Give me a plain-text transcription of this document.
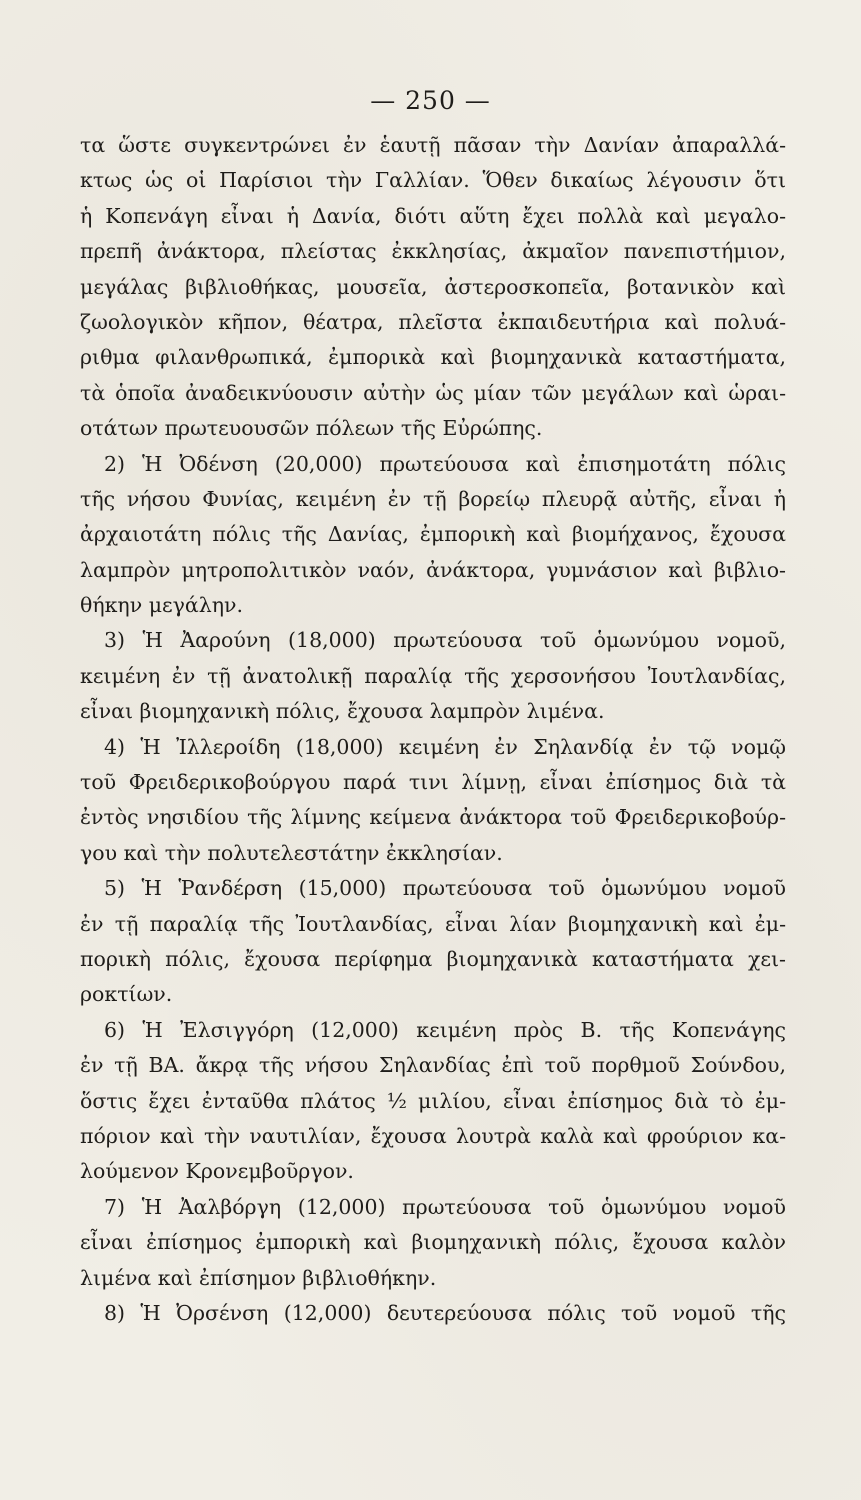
— 250 —
τα ὥστε συγκεντρώνει ἐν ἑαυτῇ πᾶσαν τὴν Δανίαν ἀπαραλλά-
κτως ὡς οἱ Παρίσιοι τὴν Γαλλίαν. Ὅθεν δικαίως λέγουσιν ὅτι
ἡ Κοπενάγη εἶναι ἡ Δανία, διότι αὕτη ἔχει πολλὰ καὶ μεγαλο-
πρεπῆ ἀνάκτορα, πλείστας ἐκκλησίας, ἀκμαῖον πανεπιστήμιον,
μεγάλας βιβλιοθήκας, μουσεῖα, ἀστεροσκοπεῖα, βοτανικὸν καὶ
ζωολογικὸν κῆπον, θέατρα, πλεῖστα ἐκπαιδευτήρια καὶ πολυά-
ριθμα φιλανθρωπικά, ἐμπορικὰ καὶ βιομηχανικὰ καταστήματα,
τὰ ὁποῖα ἀναδεικνύουσιν αὐτὴν ὡς μίαν τῶν μεγάλων καὶ ὡραι-
οτάτων πρωτευουσῶν πόλεων τῆς Εὐρώπης.
2) Ἡ Ὀδένση (20,000) πρωτεύουσα καὶ ἐπισημοτάτη πόλις
τῆς νήσου Φυνίας, κειμένη ἐν τῇ βορείῳ πλευρᾷ αὐτῆς, εἶναι ἡ
ἀρχαιοτάτη πόλις τῆς Δανίας, ἐμπορικὴ καὶ βιομήχανος, ἔχουσα
λαμπρὸν μητροπολιτικὸν ναόν, ἀνάκτορα, γυμνάσιον καὶ βιβλιο-
θήκην μεγάλην.
3) Ἡ Ἀαρούνη (18,000) πρωτεύουσα τοῦ ὁμωνύμου νομοῦ,
κειμένη ἐν τῇ ἀνατολικῇ παραλίᾳ τῆς χερσονήσου Ἰουτλανδίας,
εἶναι βιομηχανικὴ πόλις, ἔχουσα λαμπρὸν λιμένα.
4) Ἡ Ἰλλεροίδη (18,000) κειμένη ἐν Σηλανδίᾳ ἐν τῷ νομῷ
τοῦ Φρειδερικοβούργου παρά τινι λίμνῃ, εἶναι ἐπίσημος διὰ τὰ
ἐντὸς νησιδίου τῆς λίμνης κείμενα ἀνάκτορα τοῦ Φρειδερικοβούρ-
γου καὶ τὴν πολυτελεστάτην ἐκκλησίαν.
5) Ἡ Ῥανδέρση (15,000) πρωτεύουσα τοῦ ὁμωνύμου νομοῦ
ἐν τῇ παραλίᾳ τῆς Ἰουτλανδίας, εἶναι λίαν βιομηχανικὴ καὶ ἐμ-
πορικὴ πόλις, ἔχουσα περίφημα βιομηχανικὰ καταστήματα χει-
ροκτίων.
6) Ἡ Ἐλσιγγόρη (12,000) κειμένη πρὸς Β. τῆς Κοπενάγης
ἐν τῇ ΒΑ. ἄκρᾳ τῆς νήσου Σηλανδίας ἐπὶ τοῦ πορθμοῦ Σούνδου,
ὅστις ἔχει ἐνταῦθα πλάτος ½ μιλίου, εἶναι ἐπίσημος διὰ τὸ ἐμ-
πόριον καὶ τὴν ναυτιλίαν, ἔχουσα λουτρὰ καλὰ καὶ φρούριον κα-
λούμενον Κρονεμβοῦργον.
7) Ἡ Ἀαλβόργη (12,000) πρωτεύουσα τοῦ ὁμωνύμου νομοῦ
εἶναι ἐπίσημος ἐμπορικὴ καὶ βιομηχανικὴ πόλις, ἔχουσα καλὸν
λιμένα καὶ ἐπίσημον βιβλιοθήκην.
8) Ἡ Ὀρσένση (12,000) δευτερεύουσα πόλις τοῦ νομοῦ τῆς
